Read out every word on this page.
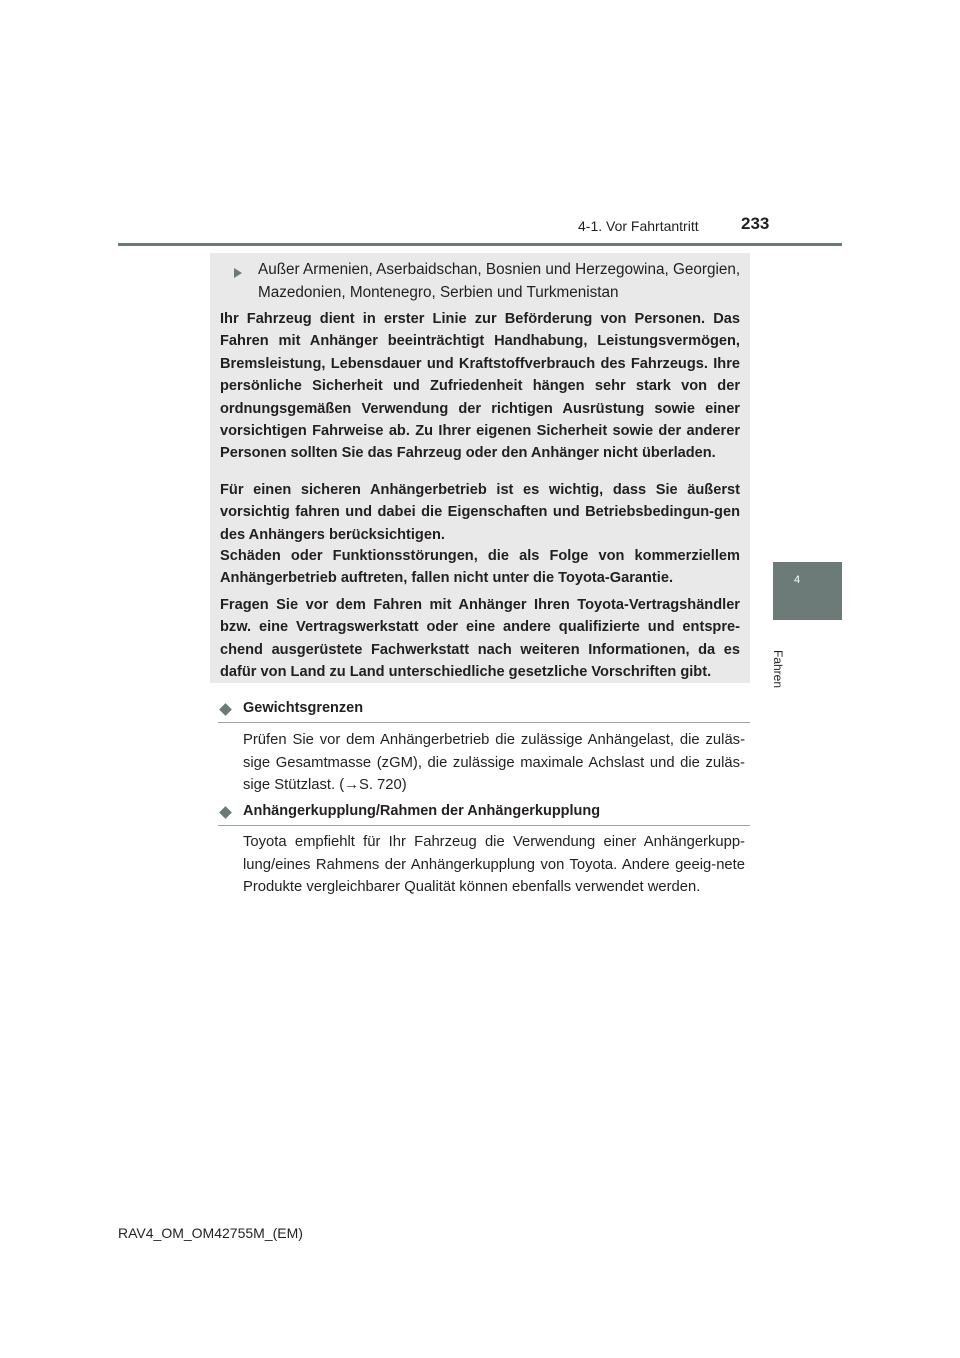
4-1. Vor Fahrtantritt 233
4
Fahren
Außer Armenien, Aserbaidschan, Bosnien und Herzegowina, Georgien, Mazedonien, Montenegro, Serbien und Turkmenistan

Ihr Fahrzeug dient in erster Linie zur Beförderung von Personen. Das Fahren mit Anhänger beeinträchtigt Handhabung, Leistungsvermögen, Bremsleistung, Lebensdauer und Kraftstoffverbrauch des Fahrzeugs. Ihre persönliche Sicherheit und Zufriedenheit hängen sehr stark von der ordnungsgemäßen Verwendung der richtigen Ausrüstung sowie einer vorsichtigen Fahrweise ab. Zu Ihrer eigenen Sicherheit sowie der anderer Personen sollten Sie das Fahrzeug oder den Anhänger nicht überladen.

Für einen sicheren Anhängerbetrieb ist es wichtig, dass Sie äußerst vorsichtig fahren und dabei die Eigenschaften und Betriebsbedingun-gen des Anhängers berücksichtigen.

Schäden oder Funktionsstörungen, die als Folge von kommerziellem Anhängerbetrieb auftreten, fallen nicht unter die Toyota-Garantie.

Fragen Sie vor dem Fahren mit Anhänger Ihren Toyota-Vertragshändler bzw. eine Vertragswerkstatt oder eine andere qualifizierte und entspre-chend ausgerüstete Fachwerkstatt nach weiteren Informationen, da es dafür von Land zu Land unterschiedliche gesetzliche Vorschriften gibt.

Gewichtsgrenzen

Prüfen Sie vor dem Anhängerbetrieb die zulässige Anhängelast, die zuläs-sige Gesamtmasse (zGM), die zulässige maximale Achslast und die zuläs-sige Stützlast. (→S. 720)

Anhängerkupplung/Rahmen der Anhängerkupplung

Toyota empfiehlt für Ihr Fahrzeug die Verwendung einer Anhängerkupp-lung/eines Rahmens der Anhängerkupplung von Toyota. Andere geeig-nete Produkte vergleichbarer Qualität können ebenfalls verwendet werden.

RAV4_OM_OM42755M_(EM)
